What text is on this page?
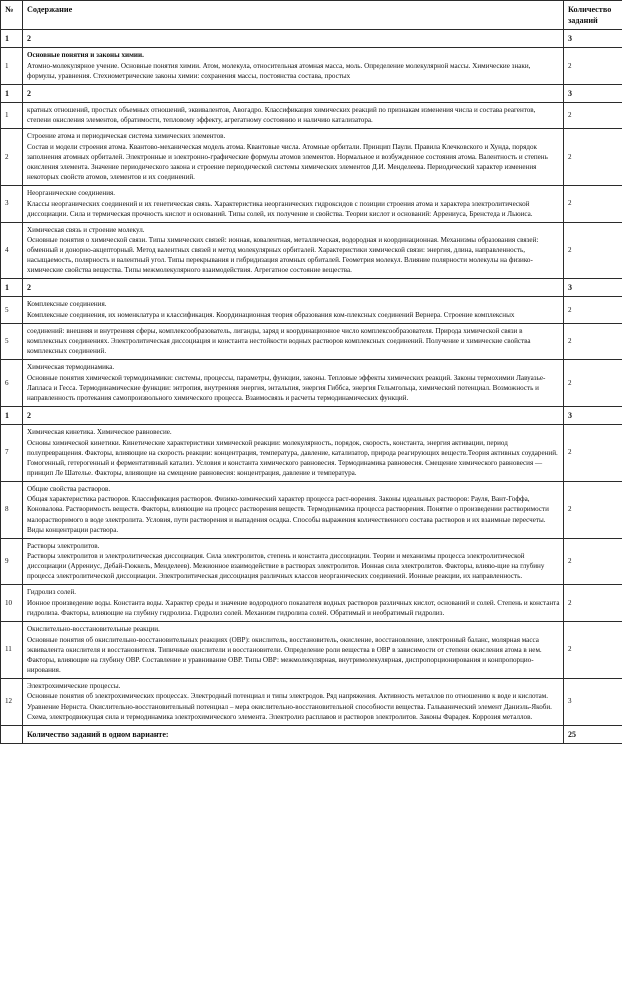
№	Содержание	Количество заданий
1	2	3
1	Основные понятия и законы химии.
Атомно-молекулярное учение. Основные понятия химии. Атом, молекула, относительная атомная масса, моль. Определение молекулярной массы. Химические знаки, формулы, уравнения. Стехиометрические законы химии: сохранения массы, постоянства состава, простых	2
1	2	3
1	кратных отношений, простых объемных отношений, эквивалентов, Авогадро. Классификация химических реакций по признакам изменения числа и состава реагентов, степени окисления элементов, обратимости, тепловому эффекту, агрегатному состоянию и наличию катализатора.	2
2	Строение атома и периодическая система химических элементов.
Состав и модели строения атома. Квантово-механическая модель атома. Квантовые числа. Атомные орбитали. Принцип Паули. Правила Клечковского и Хунда, порядок заполнения атомных орбиталей. Электронные и электронно-графические формулы атомов элементов. Нормальное и возбужденное состояния атома. Валентность и степень окисления элемента. Значение периодического закона и строение периодической системы химических элементов Д.И. Менделеева. Периодический характер изменения некоторых свойств атомов, элементов и их соединений.	2
3	Неорганические соединения.
Классы неорганических соединений и их генетическая связь. Характеристика неорганических гидроксидов с позиции строения атома и характера электролитической диссоциации. Сила и термическая прочность кислот и оснований. Типы солей, их получение и свойства. Теории кислот и оснований: Аррениуса, Бренстеда и Льюиса.	2
4	Химическая связь и строение молекул.
Основные понятия о химической связи. Типы химических связей: ионная, ковалентная, металлическая, водородная и координационная. Механизмы образования связей: обменный и донорно-акцепторный. Метод валентных связей и метод молекулярных орбиталей. Характеристики химической связи: энергия, длина, направленность, насыщаемость, полярность и валентный угол. Типы перекрывания и гибридизация атомных орбиталей. Геометрия молекул. Влияние полярности молекулы на физико-химические свойства вещества. Типы межмолекулярного взаимодействия. Агрегатное состояние вещества.	2
1	2	3
5	Комплексные соединения.
Комплексные соединения, их номенклатура и классификация. Координационная теория образования ком-плексных соединений Вернера. Строение комплексных	2
5	соединений: внешняя и внутренняя сферы, комплексообразователь, лиганды, заряд и координационное число комплексообразователя. Природа химической связи в комплексных соединениях. Электролитическая диссоциация и константа нестойкости водных растворов комплексных соединений. Получение и химические свойства комплексных соединений.	2
6	Химическая термодинамика.
Основные понятия химической термодинамики: системы, процессы, параметры, функции, законы. Тепловые эффекты химических реакций. Законы термохимии Лавуазье-Лапласа и Гесса. Термодинамические функции: энтропия, внутренняя энергия, энтальпия, энергия Гиббса, энергия Гельмгольца, химический потенциал. Возможность и направленность протекания самопроизвольного химического процесса. Взаимосвязь и расчеты термодинамических функций.	2
1	2	3
7	Химическая кинетика. Химическое равновесие.
Основы химической кинетики. Кинетические характеристики химической реакции: молекулярность, порядок, скорость, константа, энергия активации, период полупревращения. Факторы, влияющие на скорость реакции: концентрация, температура, давление, катализатор, природа реагирующих веществ.Теория активных соударений. Гомогенный, гетерогенный и ферментативный катализ. Условия и константа химического равновесия. Термодинамика равновесия. Смещение химического равновесия — принцип Ле Шателье. Факторы, влияющие на смещение равновесия: концентрация, давление и температура.	2
8	Общие свойства растворов.
Общая характеристика растворов. Классификация растворов. Физико-химический характер процесса раст-ворения. Законы идеальных растворов: Рауля, Вант-Гоффа, Коновалова. Растворимость веществ. Факторы, влияющие на процесс растворения веществ. Термодинамика процесса растворения. Понятие о произведении растворимости малорастворимого в воде электролита. Условия, пути растворения и выпадения осадка. Способы выражения количественного состава растворов и их взаимные пересчеты. Виды концентрации раствора.	2
9	Растворы электролитов.
Растворы электролитов и электролитическая диссоциация. Сила электролитов, степень и константа диссоциации. Теории и механизмы процесса электролитической диссоциации (Аррениус, Дебай-Гюккель, Менделеев). Межионное взаимодействие в растворах электролитов. Ионная сила электролитов. Факторы, влияю-щие на глубину процесса электролитической диссоциации. Электролитическая диссоциация различных классов неорганических соединений. Ионные реакции, их направленность.	2
10	Гидролиз солей.
Ионное произведение воды. Константа воды. Характер среды и значение водородного показателя водных растворов различных кислот, оснований и солей. Степень и константа гидролиза. Факторы, влияющие на глубину гидролиза. Гидролиз солей. Механизм гидролиза солей. Обратимый и необратимый гидролиз.	2
11	Окислительно-восстановительные реакции.
Основные понятия об окислительно-восстановительных реакциях (ОВР): окислитель, восстановитель, окисление, восстановление, электронный баланс, молярная масса эквивалента окислителя и восстановителя. Типичные окислители и восстановители. Определение роли вещества в ОВР в зависимости от степени окисления атома в нем. Факторы, влияющие на глубину ОВР. Составление и уравнивание ОВР. Типы ОВР: межмолекулярная, внутримолекулярная, диспропорционирования и конпропорцио-нирования.	2
12	Электрохимические процессы.
Основные понятия об электрохимических процессах. Электродный потенциал и типы электродов. Ряд напряжения. Активность металлов по отношению к воде и кислотам. Уравнение Нернста. Окислительно-восстановительный потенциал – мера окислительно-восстановительной способности вещества. Гальванический элемент Даниэль-Якоби. Схема, электродвижущая сила и термодинамика электрохимического элемента. Электролиз расплавов и растворов электролитов. Законы Фарадея. Коррозия металлов.	3
	Количество заданий в одном варианте:	25
